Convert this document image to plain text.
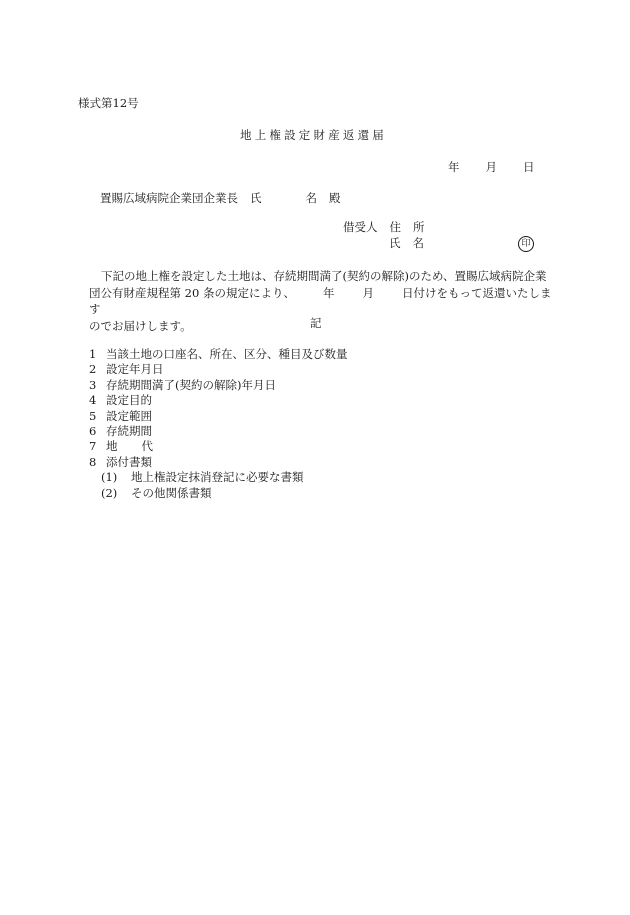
様式第12号
地上権設定財産返還届
年 月 日
置賜広域病院企業団企業長 氏	名 殿
借受人 住 所
氏 名	印
下記の地上権を設定した土地は、存続期間満了(契約の解除)のため、置賜広域病院企業
団公有財産規程第 20 条の規定により、 年 月 日付けをもって返還いたします
のでお届けします。	記
1 当該土地の口座名、所在、区分、種目及び数量
2 設定年月日
3 存続期間満了(契約の解除)年月日
4 設定目的
5 設定範囲
6 存続期間
7 地 代
8 添付書類
(1) 地上権設定抹消登記に必要な書類
(2) その他関係書類
